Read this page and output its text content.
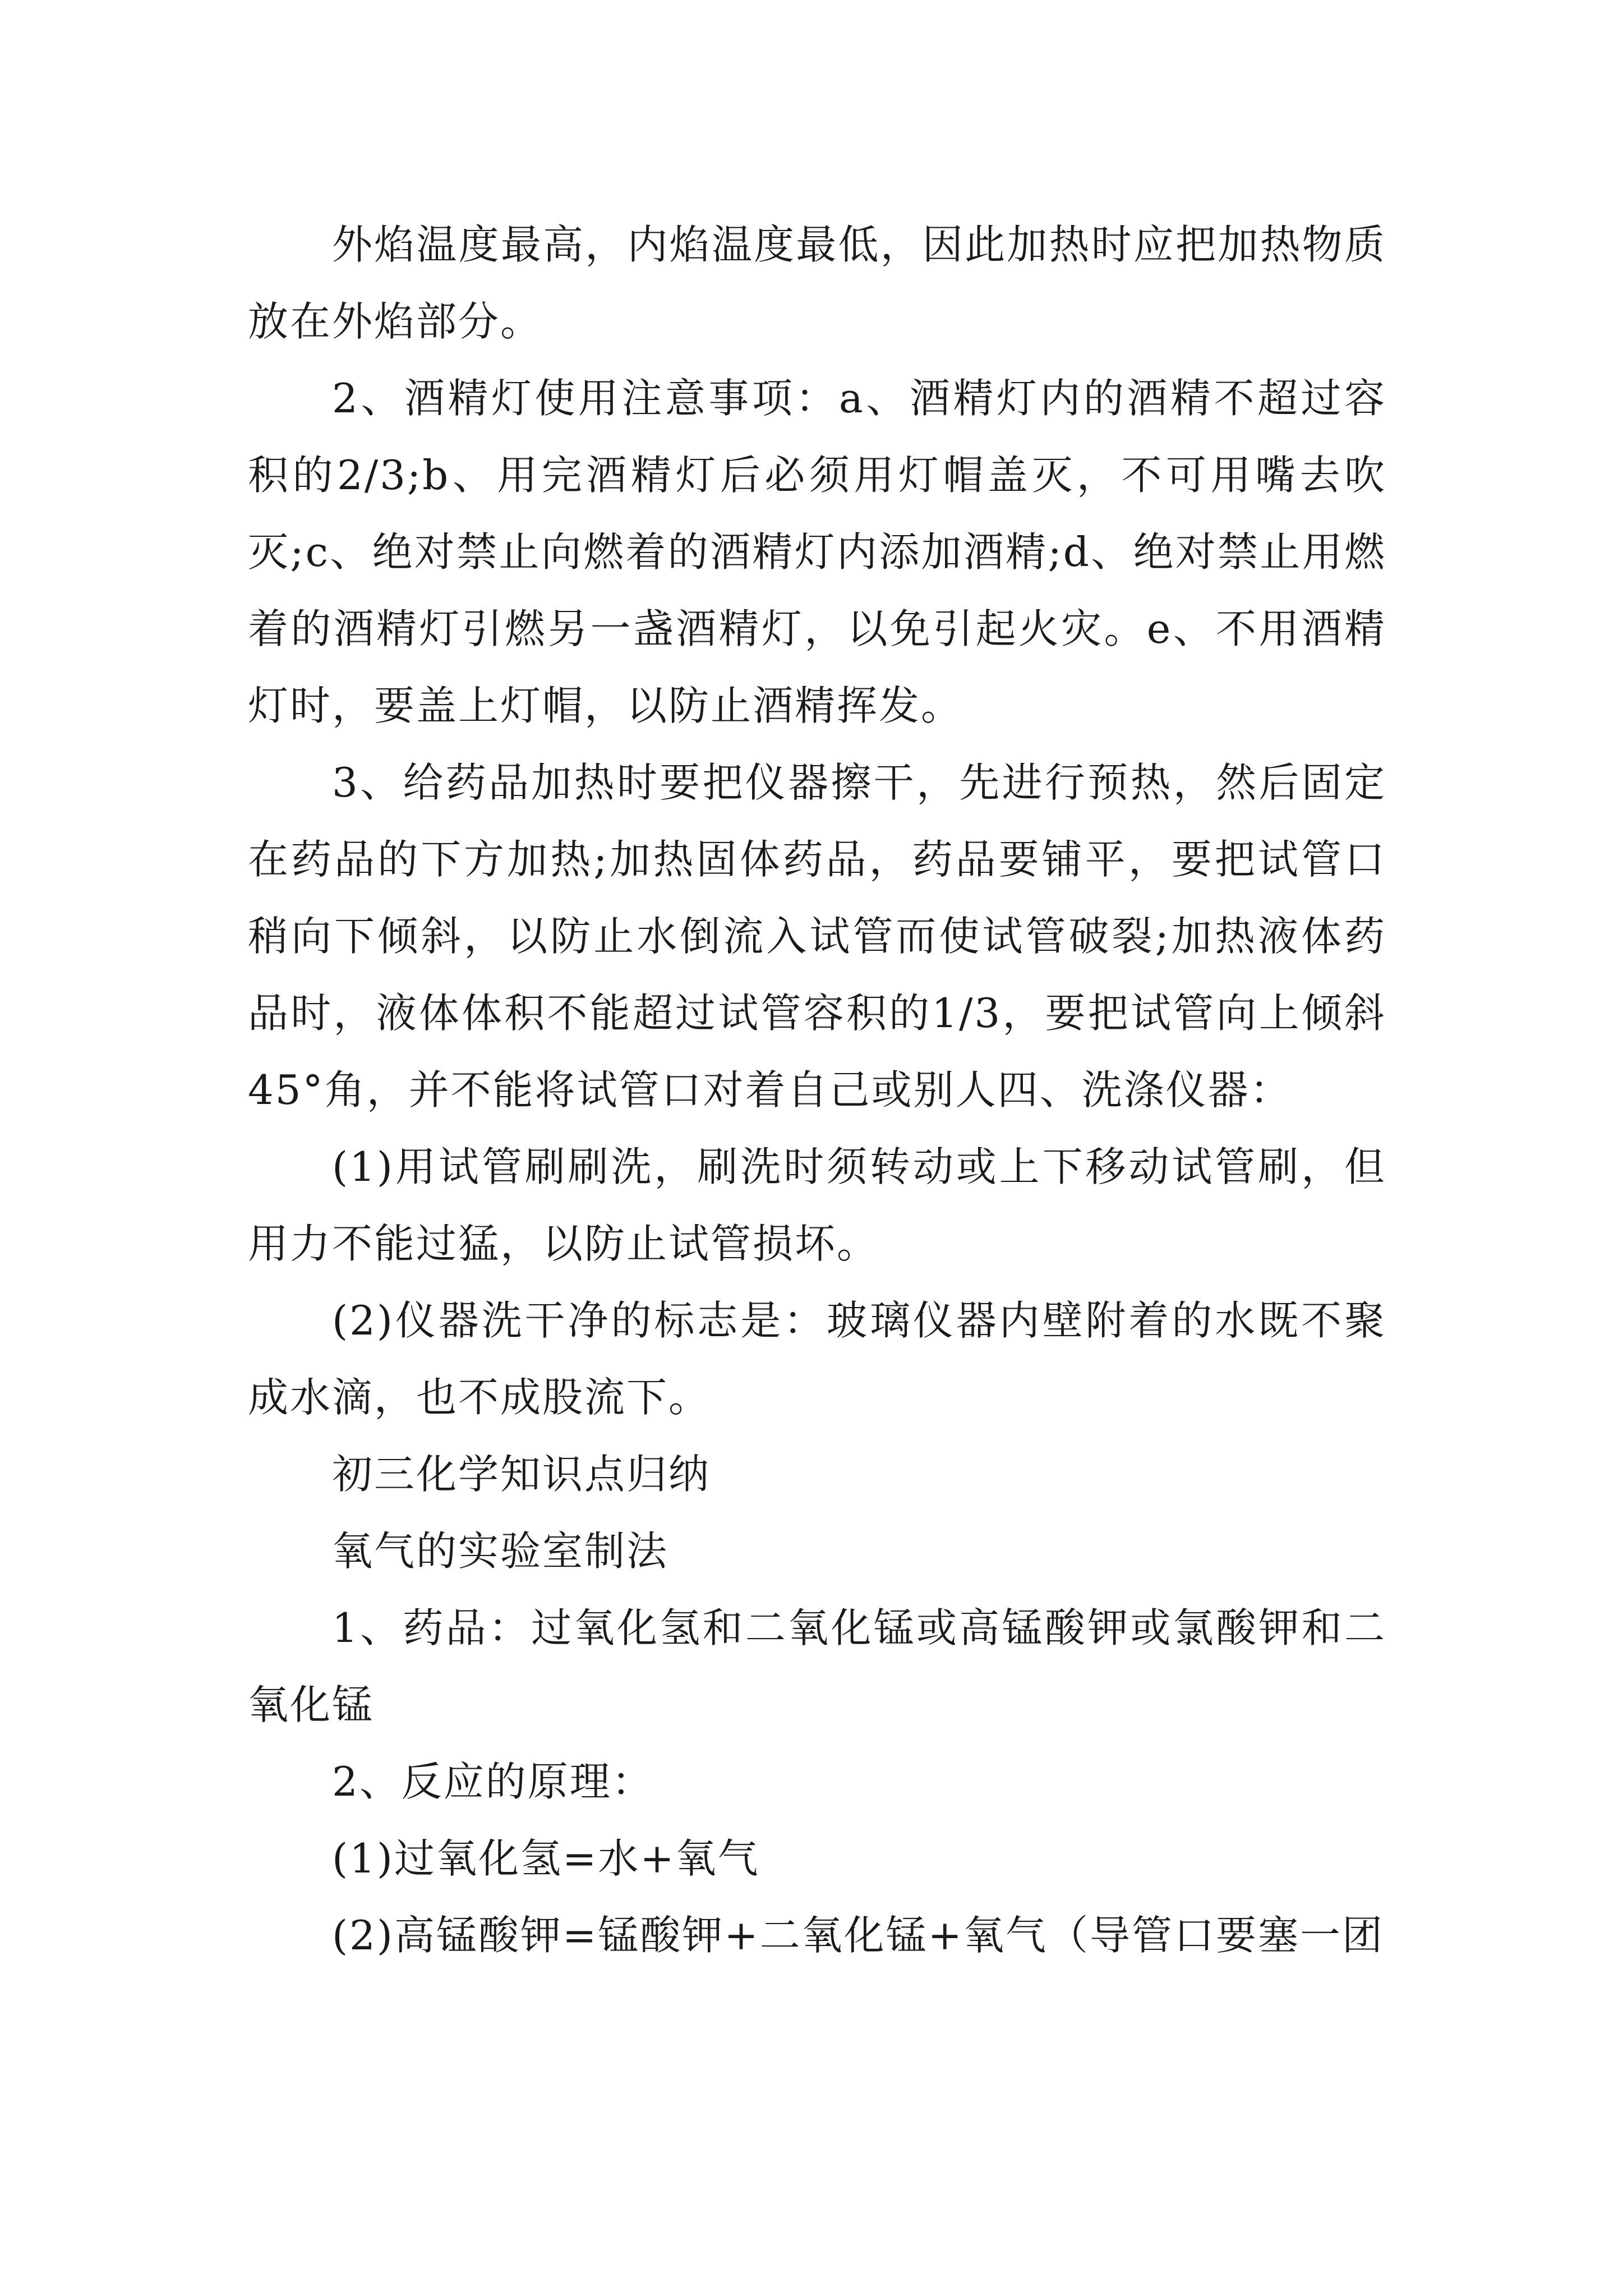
外焰温度最高，内焰温度最低，因此加热时应把加热物质放在外焰部分。

2、酒精灯使用注意事项：a、酒精灯内的酒精不超过容积的2/3;b、用完酒精灯后必须用灯帽盖灭，不可用嘴去吹灭;c、绝对禁止向燃着的酒精灯内添加酒精;d、绝对禁止用燃着的酒精灯引燃另一盏酒精灯，以免引起火灾。e、不用酒精灯时，要盖上灯帽，以防止酒精挥发。

3、给药品加热时要把仪器擦干，先进行预热，然后固定在药品的下方加热;加热固体药品，药品要铺平，要把试管口稍向下倾斜，以防止水倒流入试管而使试管破裂;加热液体药品时，液体体积不能超过试管容积的1/3，要把试管向上倾斜45°角，并不能将试管口对着自己或别人四、洗涤仪器：

(1)用试管刷刷洗，刷洗时须转动或上下移动试管刷，但用力不能过猛，以防止试管损坏。

(2)仪器洗干净的标志是：玻璃仪器内壁附着的水既不聚成水滴，也不成股流下。

初三化学知识点归纳

氧气的实验室制法

1、药品：过氧化氢和二氧化锰或高锰酸钾或氯酸钾和二氧化锰

2、反应的原理：

(1)过氧化氢=水+氧气

(2)高锰酸钾=锰酸钾+二氧化锰+氧气（导管口要塞一团
